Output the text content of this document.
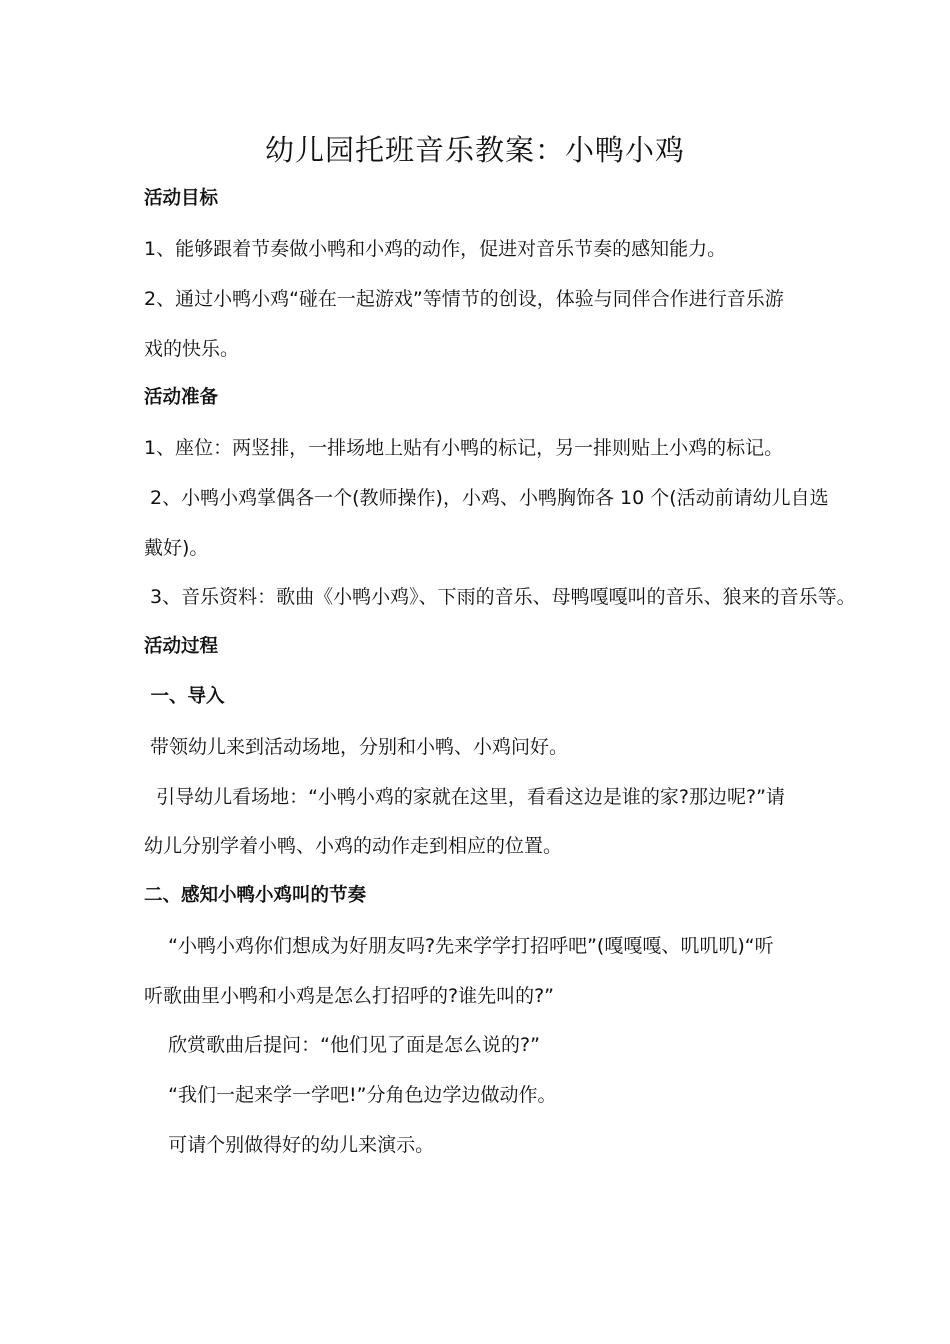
幼儿园托班音乐教案：小鸭小鸡
活动目标
1、能够跟着节奏做小鸭和小鸡的动作，促进对音乐节奏的感知能力。
2、通过小鸭小鸡“碰在一起游戏”等情节的创设，体验与同伴合作进行音乐游
戏的快乐。
活动准备
1、座位：两竖排，一排场地上贴有小鸭的标记，另一排则贴上小鸡的标记。
2、小鸭小鸡掌偶各一个(教师操作)，小鸡、小鸭胸饰各 10 个(活动前请幼儿自选
戴好)。
3、音乐资料：歌曲《小鸭小鸡》、下雨的音乐、母鸭嘎嘎叫的音乐、狼来的音乐等。
活动过程
一、导入
带领幼儿来到活动场地，分别和小鸭、小鸡问好。
引导幼儿看场地：“小鸭小鸡的家就在这里，看看这边是谁的家?那边呢?”请
幼儿分别学着小鸭、小鸡的动作走到相应的位置。
二、感知小鸭小鸡叫的节奏
“小鸭小鸡你们想成为好朋友吗?先来学学打招呼吧”(嘎嘎嘎、叽叽叽)“听
听歌曲里小鸭和小鸡是怎么打招呼的?谁先叫的?”
欣赏歌曲后提问：“他们见了面是怎么说的?”
“我们一起来学一学吧!”分角色边学边做动作。
可请个别做得好的幼儿来演示。
